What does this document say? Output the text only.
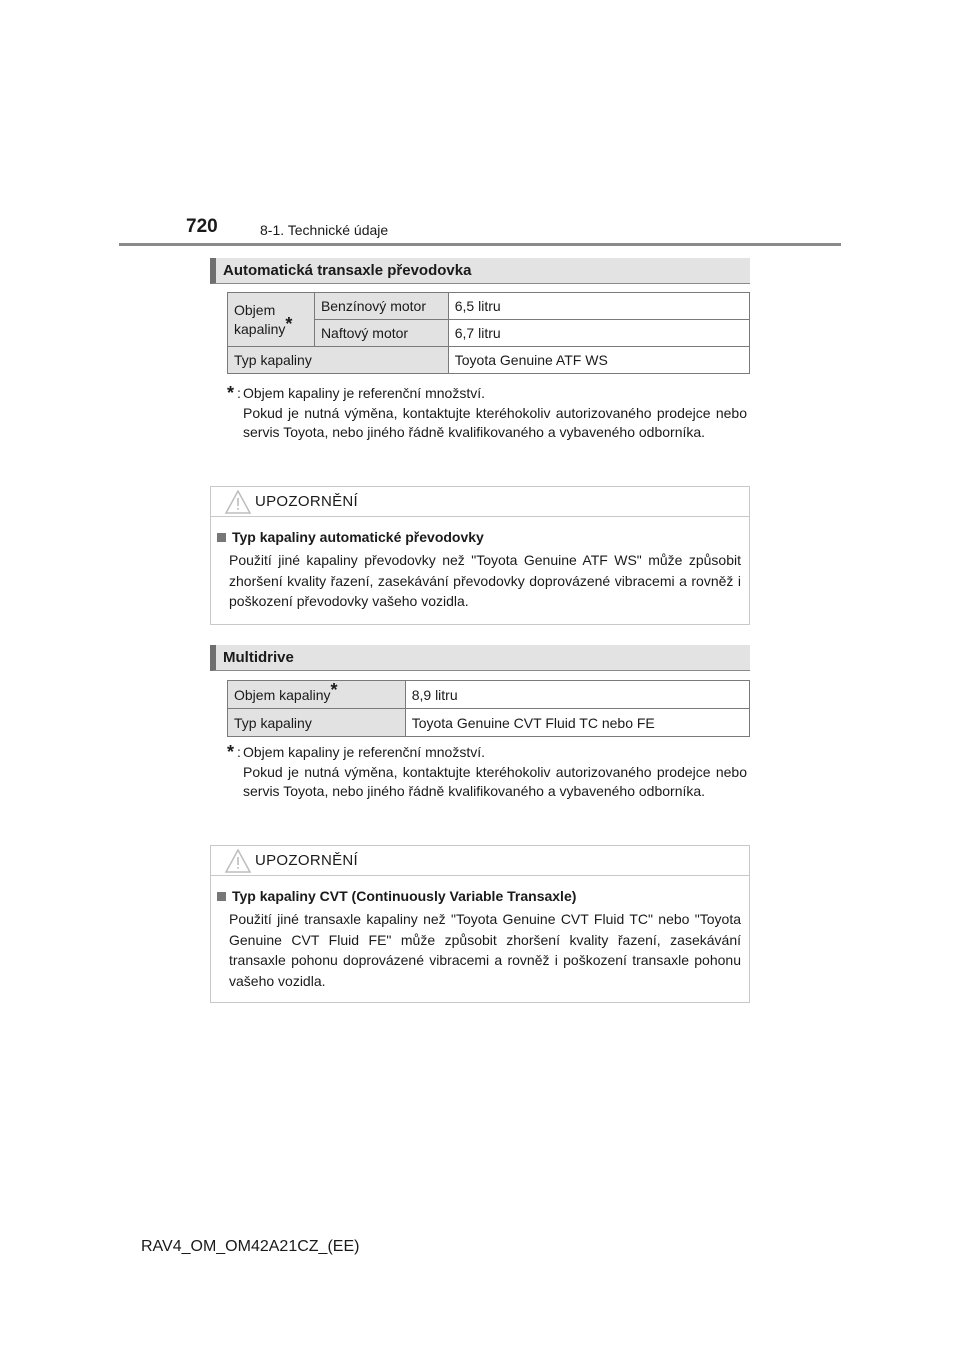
720	8-1. Technické údaje
Automatická transaxle převodovka
Objem kapaliny*	Benzínový motor	6,5 litru
	Naftový motor	6,7 litru
Typ kapaliny		Toyota Genuine ATF WS
* : Objem kapaliny je referenční množství.

Pokud je nutná výměna, kontaktujte kteréhokoliv autorizovaného prodejce nebo servis Toyota, nebo jiného řádně kvalifikovaného a vybaveného odborníka.

UPOZORNĚNÍ
Typ kapaliny automatické převodovky

Použití jiné kapaliny převodovky než "Toyota Genuine ATF WS" může způsobit zhoršení kvality řazení, zasekávání převodovky doprovázené vibracemi a rovněž i poškození převodovky vašeho vozidla.

Multidrive
Objem kapaliny*	8,9 litru
Typ kapaliny	Toyota Genuine CVT Fluid TC nebo FE
* : Objem kapaliny je referenční množství.

Pokud je nutná výměna, kontaktujte kteréhokoliv autorizovaného prodejce nebo servis Toyota, nebo jiného řádně kvalifikovaného a vybaveného odborníka.

UPOZORNĚNÍ
Typ kapaliny CVT (Continuously Variable Transaxle)

Použití jiné transaxle kapaliny než "Toyota Genuine CVT Fluid TC" nebo "Toyota Genuine CVT Fluid FE" může způsobit zhoršení kvality řazení, zasekávání transaxle pohonu doprovázené vibracemi a rovněž i poškození transaxle pohonu vašeho vozidla.

RAV4_OM_OM42A21CZ_(EE)
